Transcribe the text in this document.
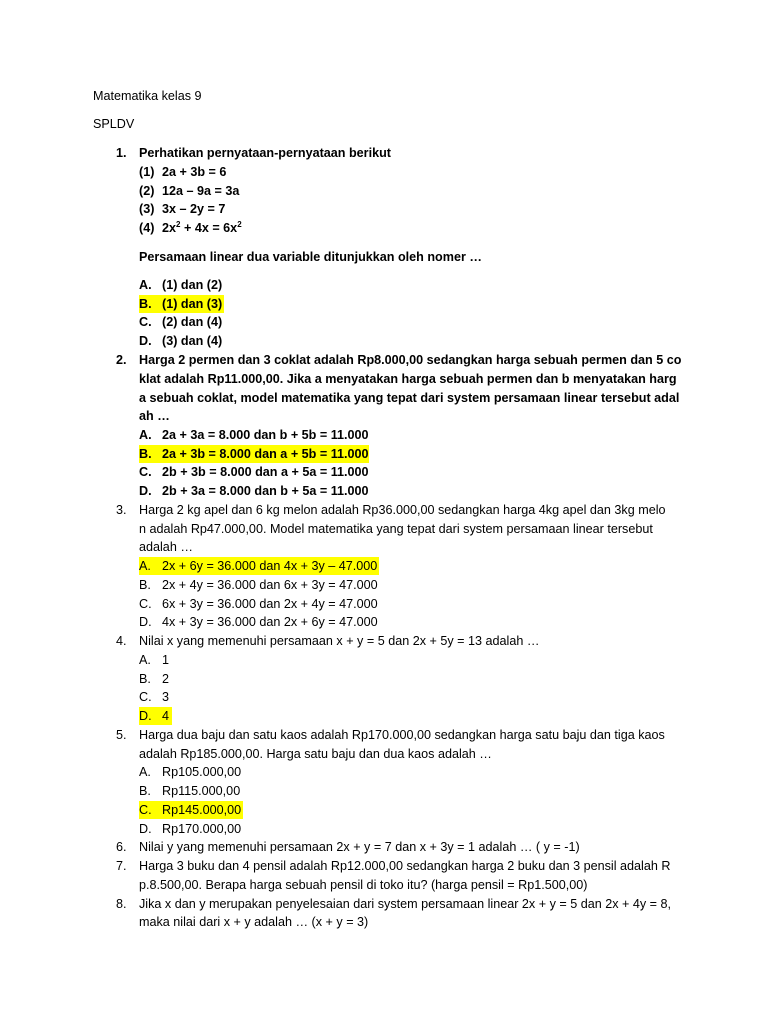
Matematika kelas 9
SPLDV
1. Perhatikan pernyataan-pernyataan berikut
(1) 2a + 3b = 6
(2) 12a – 9a = 3a
(3) 3x – 2y = 7
(4) $2x^2 + 4x = 6x^2$
Persamaan linear dua variable ditunjukkan oleh nomer …
A. (1) dan (2)
B. (1) dan (3)
C. (2) dan (4)
D. (3) dan (4)
2. Harga 2 permen dan 3 coklat adalah Rp8.000,00 sedangkan harga sebuah permen dan 5 co
klat adalah Rp11.000,00. Jika a menyatakan harga sebuah permen dan b menyatakan harg
a sebuah coklat, model matematika yang tepat dari system persamaan linear tersebut adal
ah …
A. 2a + 3a = 8.000 dan b + 5b = 11.000
B. 2a + 3b = 8.000 dan a + 5b = 11.000
C. 2b + 3b = 8.000 dan a + 5a = 11.000
D. 2b + 3a = 8.000 dan b + 5a = 11.000
3. Harga 2 kg apel dan 6 kg melon adalah Rp36.000,00 sedangkan harga 4kg apel dan 3kg melo
n adalah Rp47.000,00. Model matematika yang tepat dari system persamaan linear tersebut
adalah …
A. 2x + 6y = 36.000 dan 4x + 3y – 47.000
B. 2x + 4y = 36.000 dan 6x + 3y = 47.000
C. 6x + 3y = 36.000 dan 2x + 4y = 47.000
D. 4x + 3y = 36.000 dan 2x + 6y = 47.000
4. Nilai x yang memenuhi persamaan x + y = 5 dan 2x + 5y = 13 adalah …
A. 1
B. 2
C. 3
D. 4
5. Harga dua baju dan satu kaos adalah Rp170.000,00 sedangkan harga satu baju dan tiga kaos
adalah Rp185.000,00. Harga satu baju dan dua kaos adalah …
A. Rp105.000,00
B. Rp115.000,00
C. Rp145.000,00
D. Rp170.000,00
6. Nilai y yang memenuhi persamaan 2x + y = 7 dan x + 3y = 1 adalah … ( y = -1)
7. Harga 3 buku dan 4 pensil adalah Rp12.000,00 sedangkan harga 2 buku dan 3 pensil adalah R
p.8.500,00. Berapa harga sebuah pensil di toko itu? (harga pensil = Rp1.500,00)
8. Jika x dan y merupakan penyelesaian dari system persamaan linear 2x + y = 5 dan 2x + 4y = 8,
maka nilai dari x + y adalah … (x + y = 3)
